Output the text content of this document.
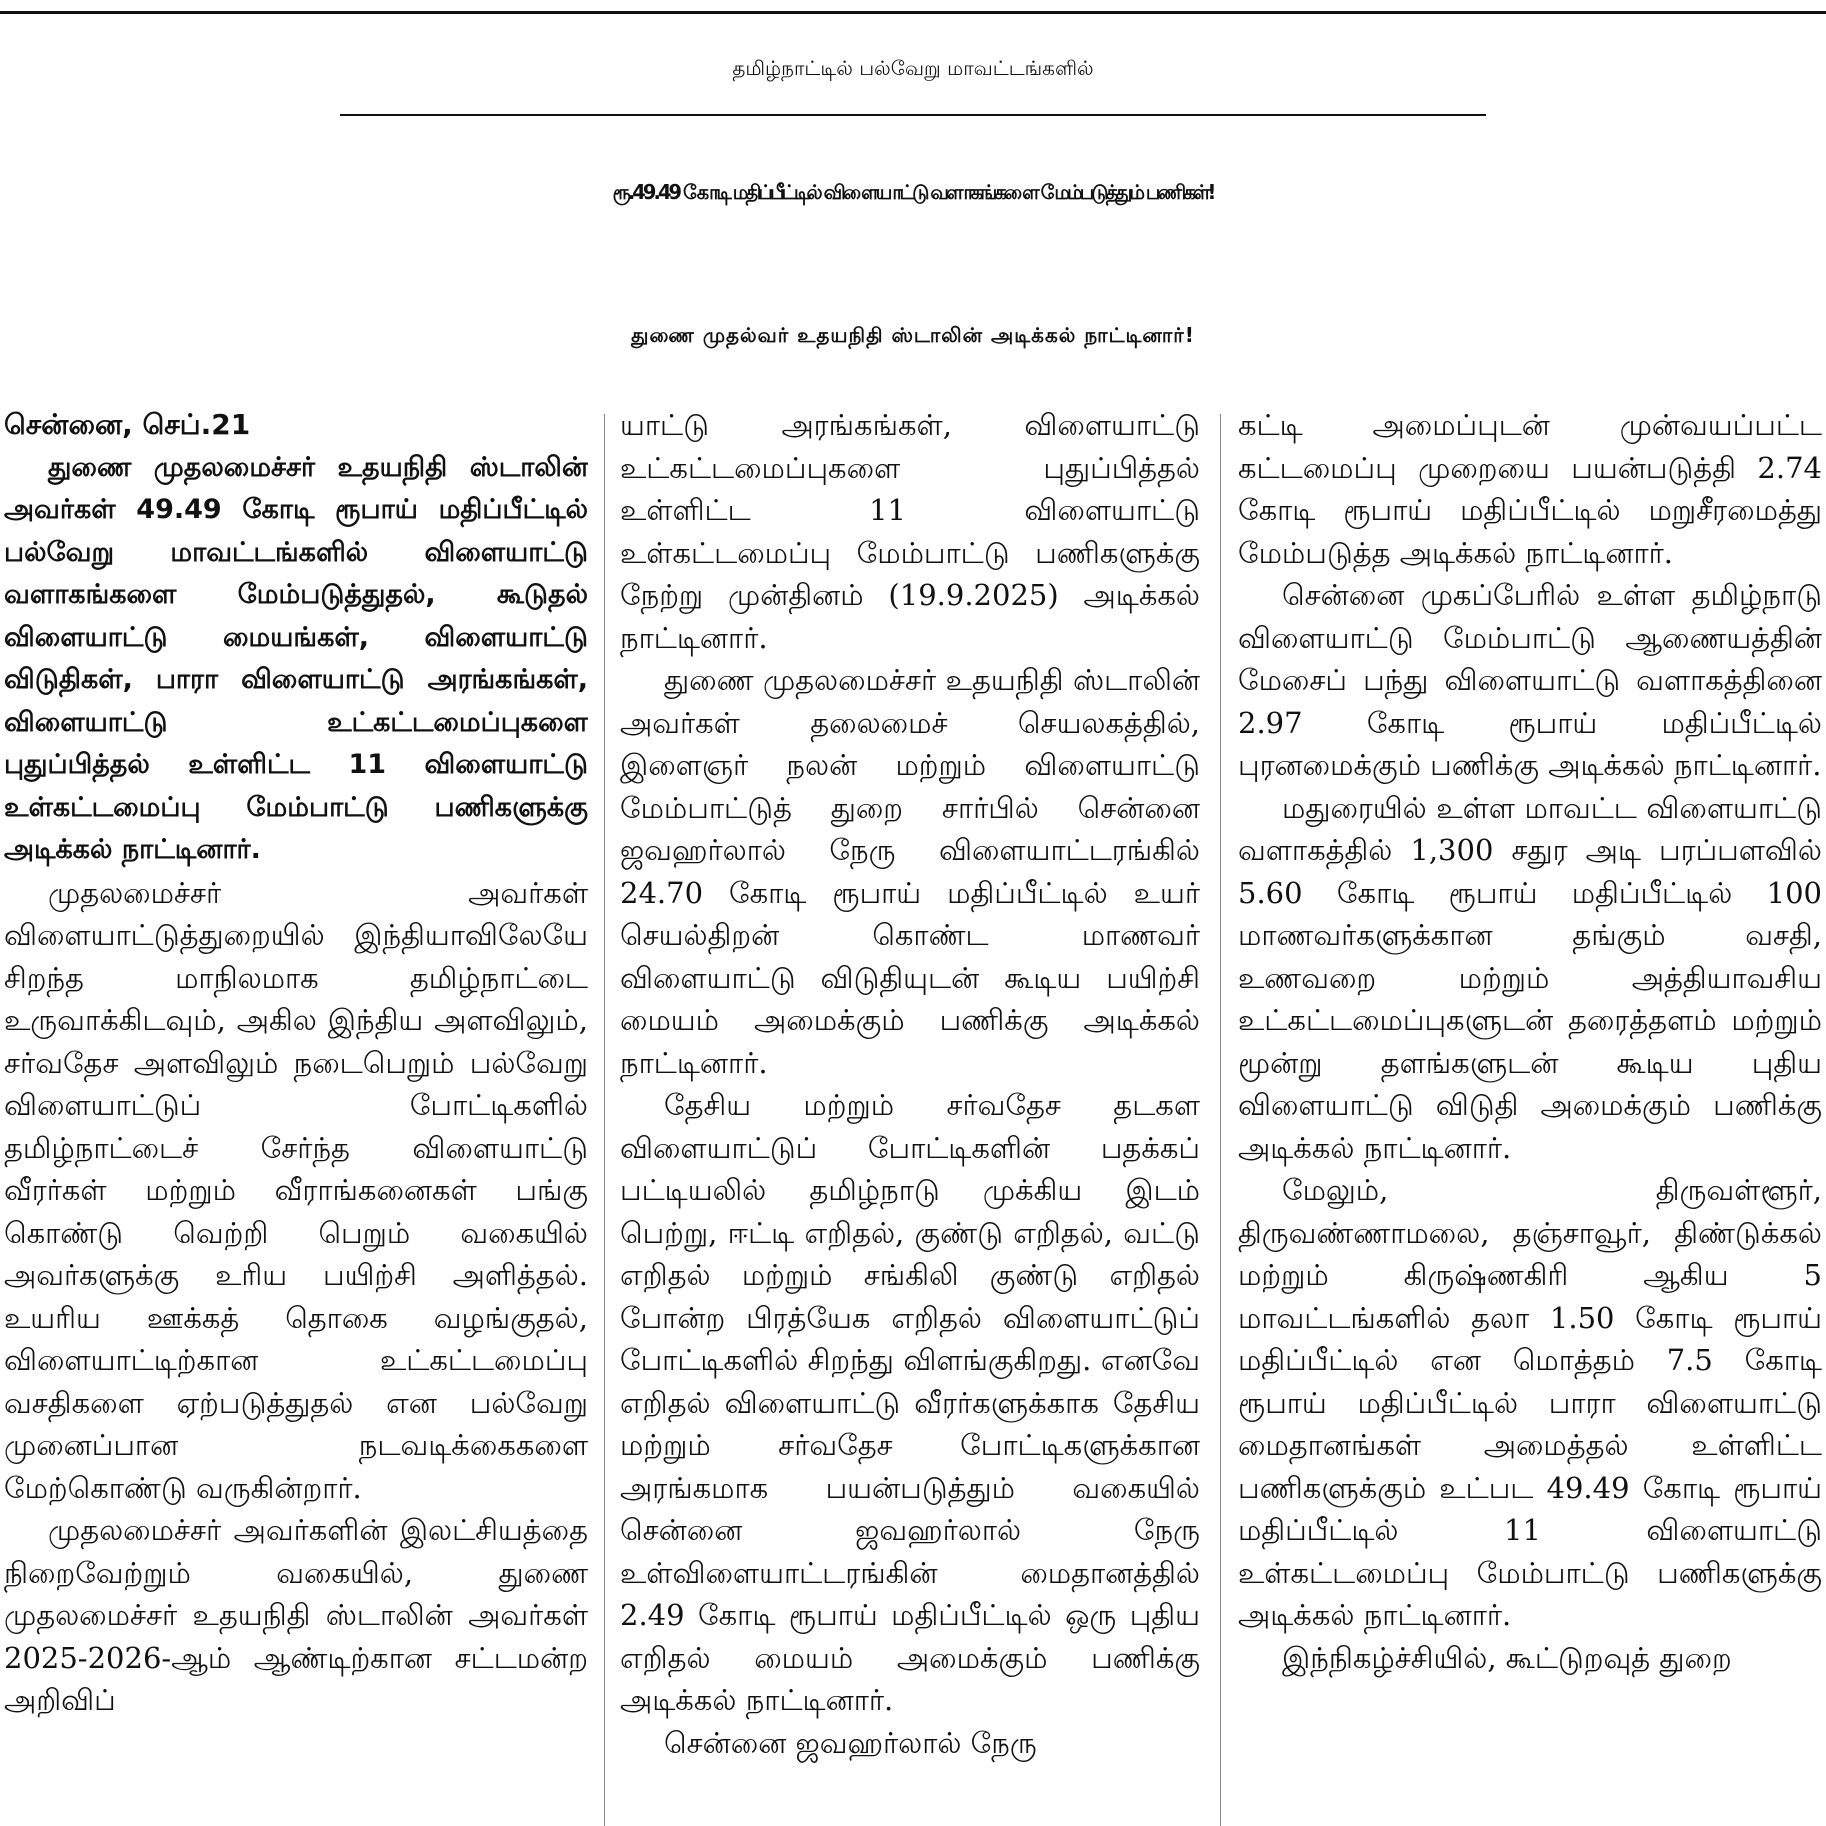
தமிழ்நாட்டில் பல்வேறு மாவட்டங்களில்
ரூ.49.49 கோடி மதிப்பீட்டில் விளையாட்டு வளாகங்களை மேம்படுத்தும் பணிகள்!
துணை முதல்வர் உதயநிதி ஸ்டாலின் அடிக்கல் நாட்டினார்!

சென்னை, செப்.21

துணை முதலமைச்சர் உதயநிதி ஸ்டாலின் அவர்கள் 49.49 கோடி ரூபாய் மதிப்பீட்டில் பல்வேறு மாவட்டங்களில் விளையாட்டு வளாகங்களை மேம்படுத்துதல், கூடுதல் விளையாட்டு மையங்கள், விளையாட்டு விடுதிகள், பாரா விளையாட்டு அரங்கங்கள், விளையாட்டு உட்கட்டமைப்புகளை புதுப்பித்தல் உள்ளிட்ட 11 விளையாட்டு உள்கட்டமைப்பு மேம்பாட்டு பணிகளுக்கு அடிக்கல் நாட்டினார்.

முதலமைச்சர் அவர்கள் விளையாட்டுத்துறையில் இந்தியாவிலேயே சிறந்த மாநிலமாக தமிழ்நாட்டை உருவாக்கிடவும், அகில இந்திய அளவிலும், சர்வதேச அளவிலும் நடைபெறும் பல்வேறு விளையாட்டுப் போட்டிகளில் தமிழ்நாட்டைச் சேர்ந்த விளையாட்டு வீரர்கள் மற்றும் வீராங்கனைகள் பங்கு கொண்டு வெற்றி பெறும் வகையில் அவர்களுக்கு உரிய பயிற்சி அளித்தல். உயரிய ஊக்கத் தொகை வழங்குதல், விளையாட்டிற்கான உட்கட்டமைப்பு வசதிகளை ஏற்படுத்துதல் என பல்வேறு முனைப்பான நடவடிக்கைகளை மேற்கொண்டு வருகின்றார்.

முதலமைச்சர் அவர்களின் இலட்சியத்தை நிறைவேற்றும் வகையில், துணை முதலமைச்சர் உதயநிதி ஸ்டாலின் அவர்கள் 2025-2026-ஆம் ஆண்டிற்கான சட்டமன்ற அறிவிப்

யாட்டு அரங்கங்கள், விளையாட்டு உட்கட்டமைப்புகளை புதுப்பித்தல் உள்ளிட்ட 11 விளையாட்டு உள்கட்டமைப்பு மேம்பாட்டு பணிகளுக்கு நேற்று முன்தினம் (19.9.2025) அடிக்கல் நாட்டினார்.

துணை முதலமைச்சர் உதயநிதி ஸ்டாலின் அவர்கள் தலைமைச் செயலகத்தில், இளைஞர் நலன் மற்றும் விளையாட்டு மேம்பாட்டுத் துறை சார்பில் சென்னை ஜவஹர்லால் நேரு விளையாட்டரங்கில் 24.70 கோடி ரூபாய் மதிப்பீட்டில் உயர் செயல்திறன் கொண்ட மாணவர் விளையாட்டு விடுதியுடன் கூடிய பயிற்சி மையம் அமைக்கும் பணிக்கு அடிக்கல் நாட்டினார்.

தேசிய மற்றும் சர்வதேச தடகள விளையாட்டுப் போட்டிகளின் பதக்கப் பட்டியலில் தமிழ்நாடு முக்கிய இடம் பெற்று, ஈட்டி எறிதல், குண்டு எறிதல், வட்டு எறிதல் மற்றும் சங்கிலி குண்டு எறிதல் போன்ற பிரத்யேக எறிதல் விளையாட்டுப் போட்டிகளில் சிறந்து விளங்குகிறது. எனவே எறிதல் விளையாட்டு வீரர்களுக்காக தேசிய மற்றும் சர்வதேச போட்டிகளுக்கான அரங்கமாக பயன்படுத்தும் வகையில் சென்னை ஜவஹர்லால் நேரு உள்விளையாட்டரங்கின் மைதானத்தில் 2.49 கோடி ரூபாய் மதிப்பீட்டில் ஒரு புதிய எறிதல் மையம் அமைக்கும் பணிக்கு அடிக்கல் நாட்டினார்.

சென்னை ஜவஹர்லால் நேரு

கட்டி அமைப்புடன் முன்வயப்பட்ட கட்டமைப்பு முறையை பயன்படுத்தி 2.74 கோடி ரூபாய் மதிப்பீட்டில் மறுசீரமைத்து மேம்படுத்த அடிக்கல் நாட்டினார்.

சென்னை முகப்பேரில் உள்ள தமிழ்நாடு விளையாட்டு மேம்பாட்டு ஆணையத்தின் மேசைப் பந்து விளையாட்டு வளாகத்தினை 2.97 கோடி ரூபாய் மதிப்பீட்டில் புரனமைக்கும் பணிக்கு அடிக்கல் நாட்டினார்.

மதுரையில் உள்ள மாவட்ட விளையாட்டு வளாகத்தில் 1,300 சதுர அடி பரப்பளவில் 5.60 கோடி ரூபாய் மதிப்பீட்டில் 100 மாணவர்களுக்கான தங்கும் வசதி, உணவறை மற்றும் அத்தியாவசிய உட்கட்டமைப்புகளுடன் தரைத்தளம் மற்றும் மூன்று தளங்களுடன் கூடிய புதிய விளையாட்டு விடுதி அமைக்கும் பணிக்கு அடிக்கல் நாட்டினார்.

மேலும், திருவள்ளூர், திருவண்ணாமலை, தஞ்சாவூர், திண்டுக்கல் மற்றும் கிருஷ்ணகிரி ஆகிய 5 மாவட்டங்களில் தலா 1.50 கோடி ரூபாய் மதிப்பீட்டில் என மொத்தம் 7.5 கோடி ரூபாய் மதிப்பீட்டில் பாரா விளையாட்டு மைதானங்கள் அமைத்தல் உள்ளிட்ட பணிகளுக்கும் உட்பட 49.49 கோடி ரூபாய் மதிப்பீட்டில் 11 விளையாட்டு உள்கட்டமைப்பு மேம்பாட்டு பணிகளுக்கு அடிக்கல் நாட்டினார்.

இந்நிகழ்ச்சியில், கூட்டுறவுத் துறை
